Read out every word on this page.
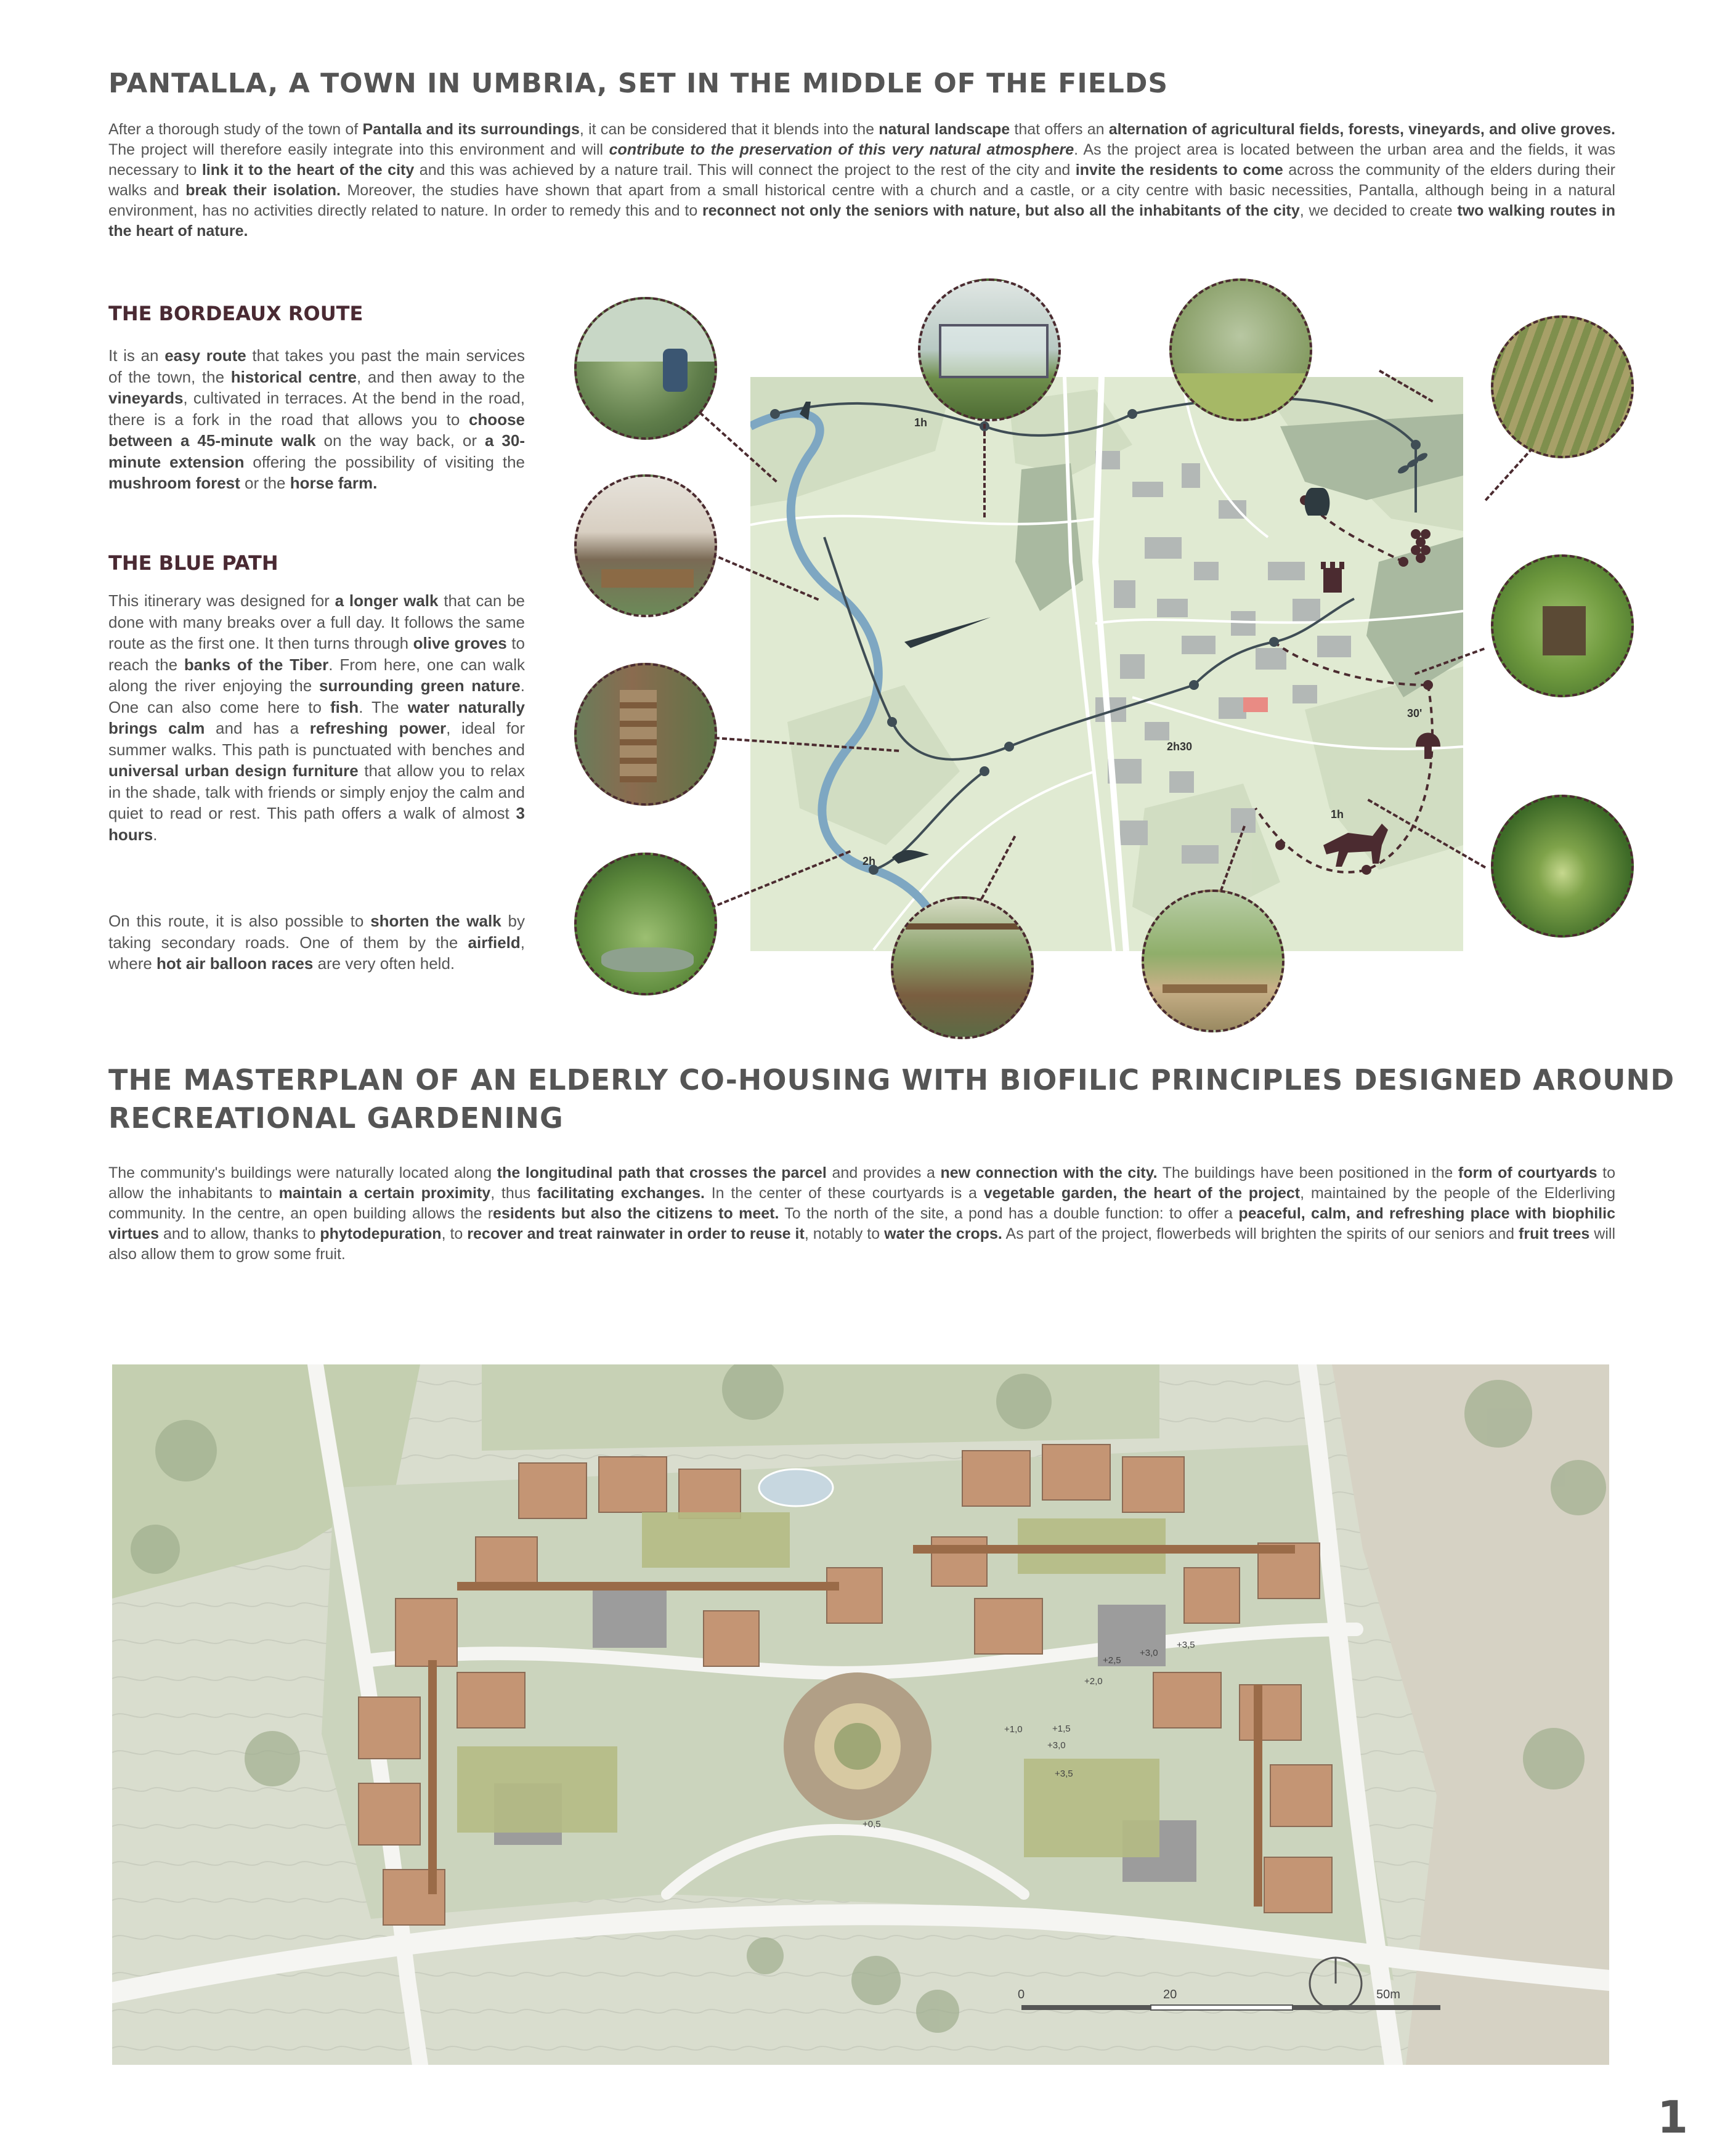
PANTALLA, A TOWN IN UMBRIA, SET IN THE MIDDLE OF THE FIELDS

After a thorough study of the town of Pantalla and its surroundings, it can be considered that it blends into the natural landscape that offers an alternation of agricultural fields, forests, vineyards, and olive groves. The project will therefore easily integrate into this environment and will contribute to the preservation of this very natural atmosphere. As the project area is located between the urban area and the fields, it was necessary to link it to the heart of the city and this was achieved by a nature trail. This will connect the project to the rest of the city and invite the residents to come across the community of the elders during their walks and break their isolation. Moreover, the studies have shown that apart from a small historical centre with a church and a castle, or a city centre with basic necessities, Pantalla, although being in a natural environment, has no activities directly related to nature. In order to remedy this and to reconnect not only the seniors with nature, but also all the inhabitants of the city, we decided to create two walking routes in the heart of nature.

THE BORDEAUX ROUTE

It is an easy route that takes you past the main services of the town, the historical centre, and then away to the vineyards, cultivated in terraces. At the bend in the road, there is a fork in the road that allows you to choose between a 45-minute walk on the way back, or a 30-minute extension offering the possibility of visiting the mushroom forest or the horse farm.

THE BLUE PATH

This itinerary was designed for a longer walk that can be done with many breaks over a full day. It follows the same route as the first one. It then turns through olive groves to reach the banks of the Tiber. From here, one can walk along the river enjoying the surrounding green nature. One can also come here to fish. The water naturally brings calm and has a refreshing power, ideal for summer walks. This path is punctuated with benches and universal urban design furniture that allow you to relax in the shade, talk with friends or simply enjoy the calm and quiet to read or rest. This path offers a walk of almost 3 hours.

On this route, it is also possible to shorten the walk by taking secondary roads. One of them by the airfield, where hot air balloon races are very often held.

1h
2h30
30'
1h
2h
THE MASTERPLAN OF AN ELDERLY CO-HOUSING WITH BIOFILIC PRINCIPLES DESIGNED AROUND
RECREATIONAL GARDENING

The community's buildings were naturally located along the longitudinal path that crosses the parcel and provides a new connection with the city. The buildings have been positioned in the form of courtyards to allow the inhabitants to maintain a certain proximity, thus facilitating exchanges. In the center of these courtyards is a vegetable garden, the heart of the project, maintained by the people of the Elderliving community. In the centre, an open building allows the residents but also the citizens to meet. To the north of the site, a pond has a double function: to offer a peaceful, calm, and refreshing place with biophilic virtues and to allow, thanks to phytodepuration, to recover and treat rainwater in order to reuse it, notably to water the crops. As part of the project, flowerbeds will brighten the spirits of our seniors and fruit trees will also allow them to grow some fruit.

+3,5
+3,0
+2,5
+2,0
+1,5
+1,0
+3,0
+3,5
+0,5
0	20	50m
1
